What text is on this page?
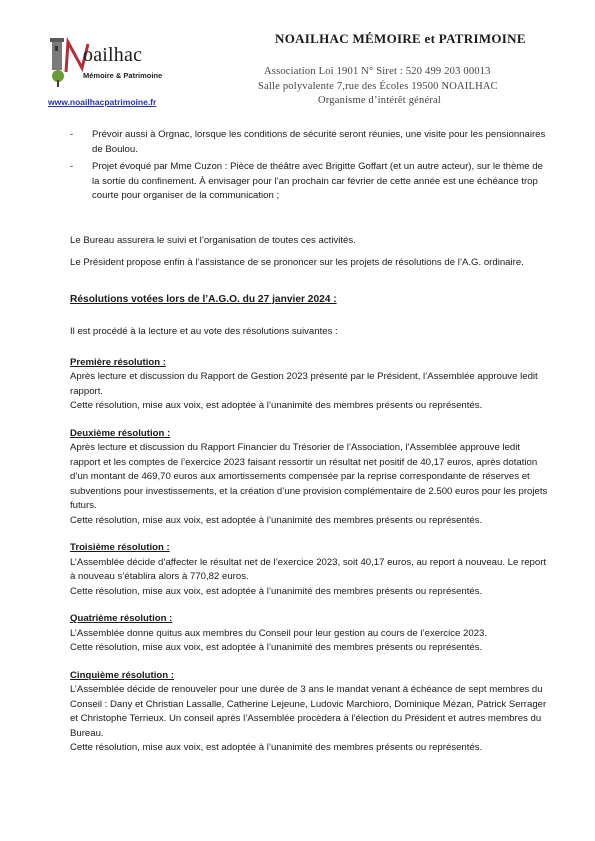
oailhac
Mémoire & Patrimoine
www.noailhacpatrimoine.fr
NOAILHAC MÉMOIRE et PATRIMOINE
Association Loi 1901 N° Siret : 520 499 203 00013
Salle polyvalente 7,rue des Écoles 19500 NOAILHAC
Organisme d’intérêt général
- Prévoir aussi à Orgnac, lorsque les conditions de sécurité seront réunies, une visite pour les pensionnaires de Boulou.
- Projet évoqué par Mme Cuzon : Pièce de théâtre avec Brigitte Goffart (et un autre acteur), sur le thème de la sortie du confinement. À envisager pour l’an prochain car février de cette année est une échéance trop courte pour organiser de la communication ;

Le Bureau assurera le suivi et l’organisation de toutes ces activités.

Le Président propose enfin à l’assistance de se prononcer sur les projets de résolutions de l’A.G. ordinaire.

Résolutions votées lors de l’A.G.O. du 27 janvier 2024 :

Il est procédé à la lecture et au vote des résolutions suivantes :

Première résolution :

Après lecture et discussion du Rapport de Gestion 2023 présenté par le Président, l’Assemblée approuve ledit rapport.

Cette résolution, mise aux voix, est adoptée à l’unanimité des membres présents ou représentés.

Deuxième résolution :

Après lecture et discussion du Rapport Financier du Trésorier de l’Association, l’Assemblée approuve ledit rapport et les comptes de l’exercice 2023 faisant ressortir un résultat net positif de 40,17 euros, après dotation d’un montant de 469,70 euros aux amortissements compensée par la reprise correspondante de réserves et subventions pour investissements, et la création d’une provision complémentaire de 2.500 euros pour les projets futurs.

Cette résolution, mise aux voix, est adoptée à l’unanimité des membres présents ou représentés.

Troisième résolution :

L’Assemblée décide d’affecter le résultat net de l’exercice 2023, soit 40,17 euros, au report à nouveau. Le report à nouveau s’établira alors à 770,82 euros.

Cette résolution, mise aux voix, est adoptée à l’unanimité des membres présents ou représentés.

Quatrième résolution :

L’Assemblée donne quitus aux membres du Conseil pour leur gestion au cours de l’exercice 2023.

Cette résolution, mise aux voix, est adoptée à l’unanimité des membres présents ou représentés.

Cinquième résolution :

L’Assemblée décide de renouveler pour une durée de 3 ans le mandat venant à échéance de sept membres du Conseil : Dany et Christian Lassalle, Catherine Lejeune, Ludovic Marchioro, Dominique Mézan, Patrick Serrager et Christophe Terrieux. Un conseil après l’Assemblée procèdera à l’élection du Président et autres membres du Bureau.

Cette résolution, mise aux voix, est adoptée à l’unanimité des membres présents ou représentés.
